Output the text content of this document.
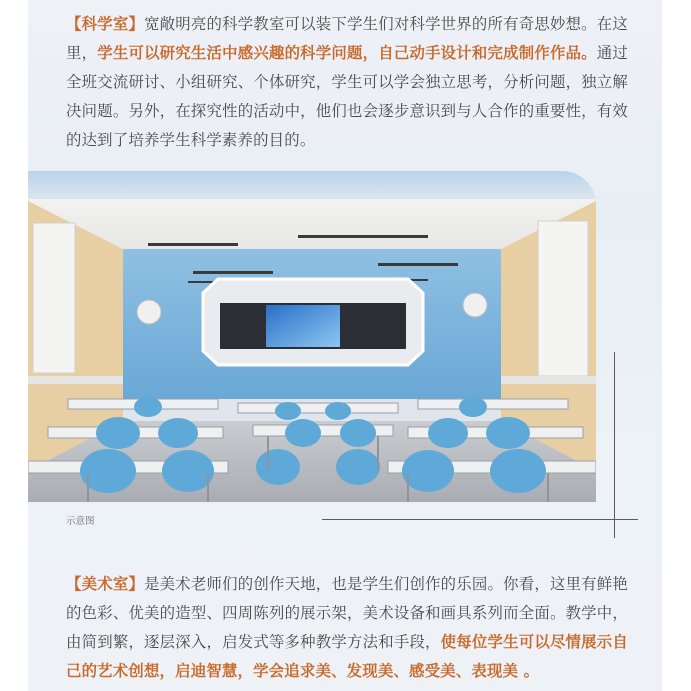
【科学室】宽敞明亮的科学教室可以装下学生们对科学世界的所有奇思妙想。在这里，学生可以研究生活中感兴趣的科学问题，自己动手设计和完成制作作品。通过全班交流研讨、小组研究、个体研究，学生可以学会独立思考，分析问题，独立解决问题。另外，在探究性的活动中，他们也会逐步意识到与人合作的重要性，有效的达到了培养学生科学素养的目的。
示意图
【美术室】是美术老师们的创作天地，也是学生们创作的乐园。你看，这里有鲜艳的色彩、优美的造型、四周陈列的展示架，美术设备和画具系列而全面。教学中，由简到繁，逐层深入，启发式等多种教学方法和手段，使每位学生可以尽情展示自己的艺术创想，启迪智慧，学会追求美、发现美、感受美、表现美 。
